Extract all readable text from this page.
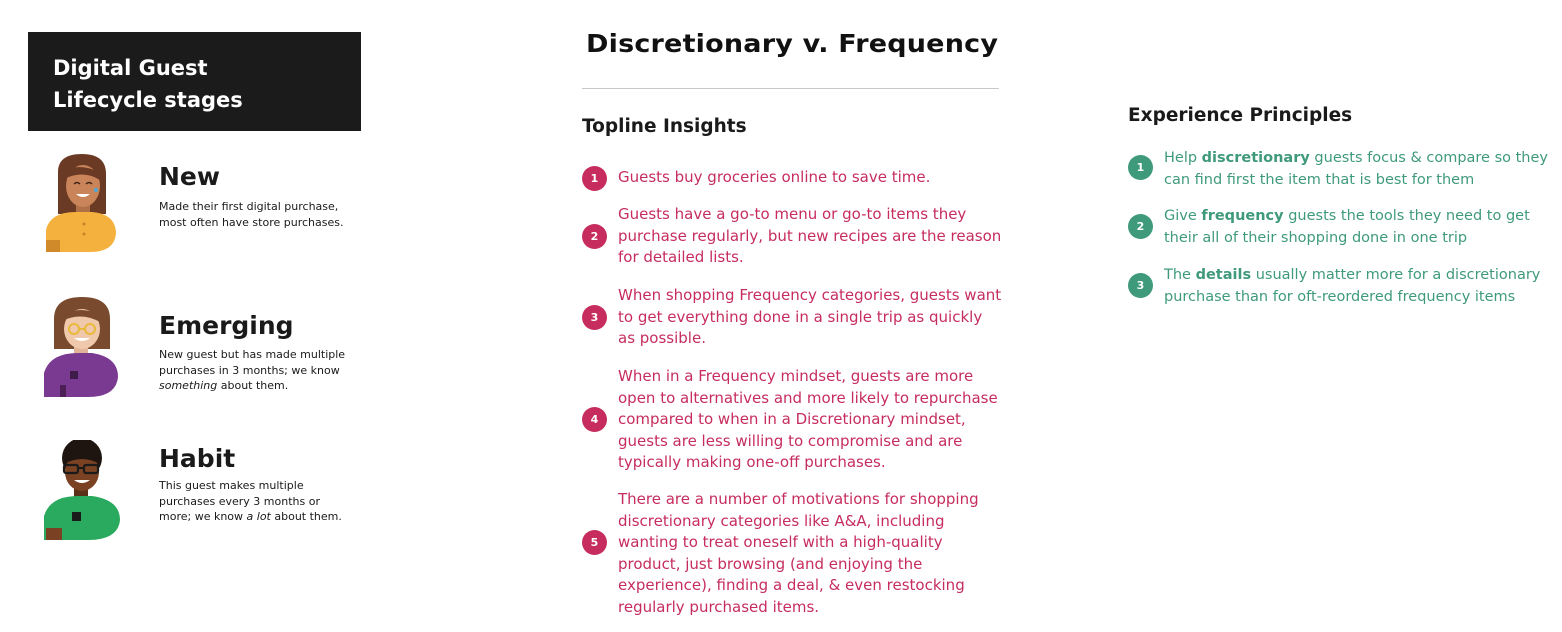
Digital Guest
Lifecycle stages
New
Made their first digital purchase, most often have store purchases.
Emerging
New guest but has made multiple purchases in 3 months; we know something about them.
Habit
This guest makes multiple purchases every 3 months or more; we know a lot about them.
Discretionary v. Frequency
Topline Insights
1	Guests buy groceries online to save time.
2
Guests have a go-to menu or go-to items they purchase regularly, but new recipes are the reason for detailed lists.
3
When shopping Frequency categories, guests want to get everything done in a single trip as quickly as possible.
4
When in a Frequency mindset, guests are more open to alternatives and more likely to repurchase compared to when in a Discretionary mindset, guests are less willing to compromise and are typically making one-off purchases.
5
There are a number of motivations for shopping discretionary categories like A&A, including wanting to treat oneself with a high-quality product, just browsing (and enjoying the experience), finding a deal, & even restocking regularly purchased items.
Experience Principles
1
Help discretionary guests focus & compare so they can find first the item that is best for them
2
Give frequency guests the tools they need to get their all of their shopping done in one trip
3
The details usually matter more for a discretionary purchase than for oft-reordered frequency items
